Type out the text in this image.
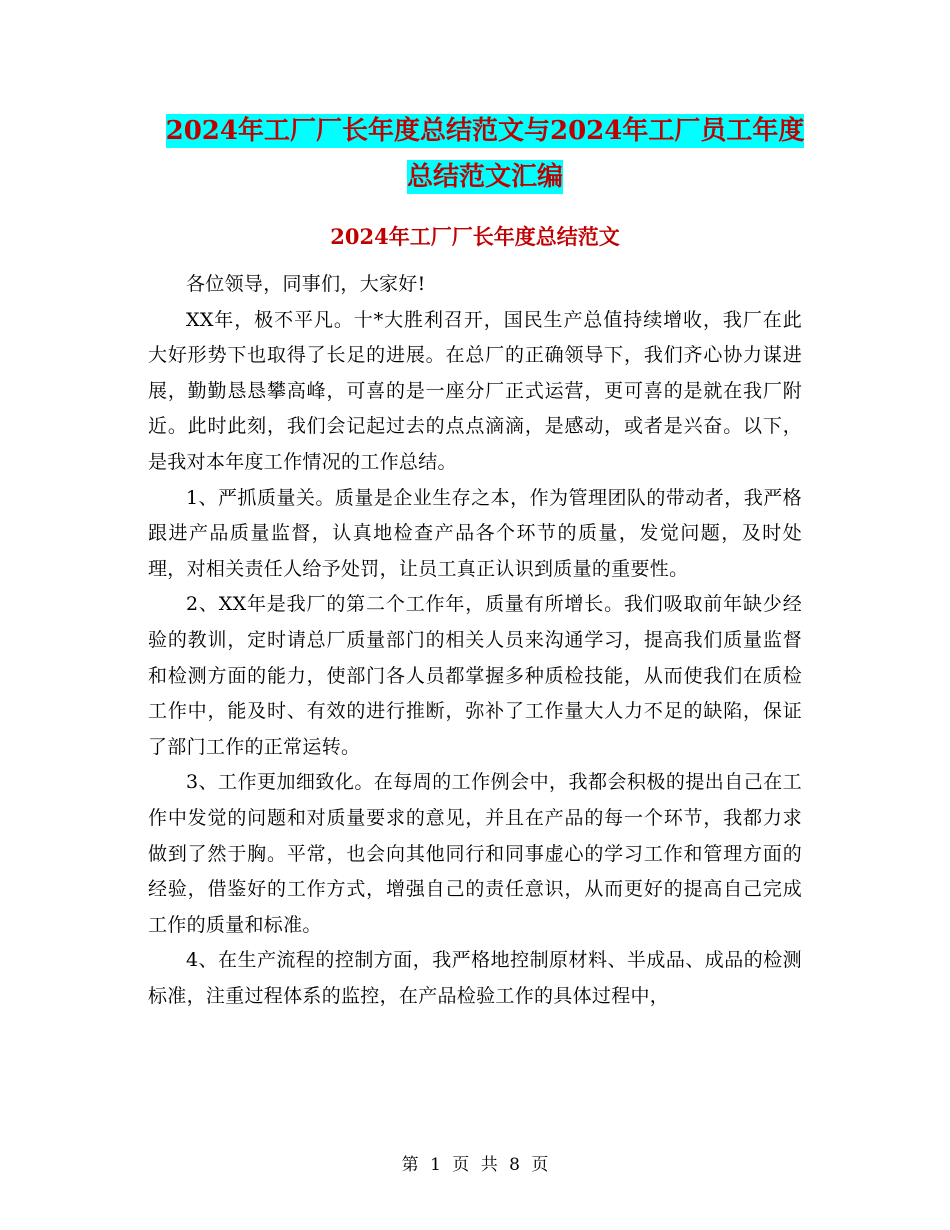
2024年工厂厂长年度总结范文与2024年工厂员工年度
总结范文汇编
2024年工厂厂长年度总结范文

各位领导，同事们，大家好!

XX年，极不平凡。十*大胜利召开，国民生产总值持续增收，我厂在此大好形势下也取得了长足的进展。在总厂的正确领导下，我们齐心协力谋进展，勤勤恳恳攀高峰，可喜的是一座分厂正式运营，更可喜的是就在我厂附近。此时此刻，我们会记起过去的点点滴滴，是感动，或者是兴奋。以下，是我对本年度工作情况的工作总结。

1、严抓质量关。质量是企业生存之本，作为管理团队的带动者，我严格跟进产品质量监督，认真地检查产品各个环节的质量，发觉问题，及时处理，对相关责任人给予处罚，让员工真正认识到质量的重要性。

2、XX年是我厂的第二个工作年，质量有所增长。我们吸取前年缺少经验的教训，定时请总厂质量部门的相关人员来沟通学习，提高我们质量监督和检测方面的能力，使部门各人员都掌握多种质检技能，从而使我们在质检工作中，能及时、有效的进行推断，弥补了工作量大人力不足的缺陷，保证了部门工作的正常运转。

3、工作更加细致化。在每周的工作例会中，我都会积极的提出自己在工作中发觉的问题和对质量要求的意见，并且在产品的每一个环节，我都力求做到了然于胸。平常，也会向其他同行和同事虚心的学习工作和管理方面的经验，借鉴好的工作方式，增强自己的责任意识，从而更好的提高自己完成工作的质量和标准。

4、在生产流程的控制方面，我严格地控制原材料、半成品、成品的检测标准，注重过程体系的监控，在产品检验工作的具体过程中，

第 1 页 共 8 页
